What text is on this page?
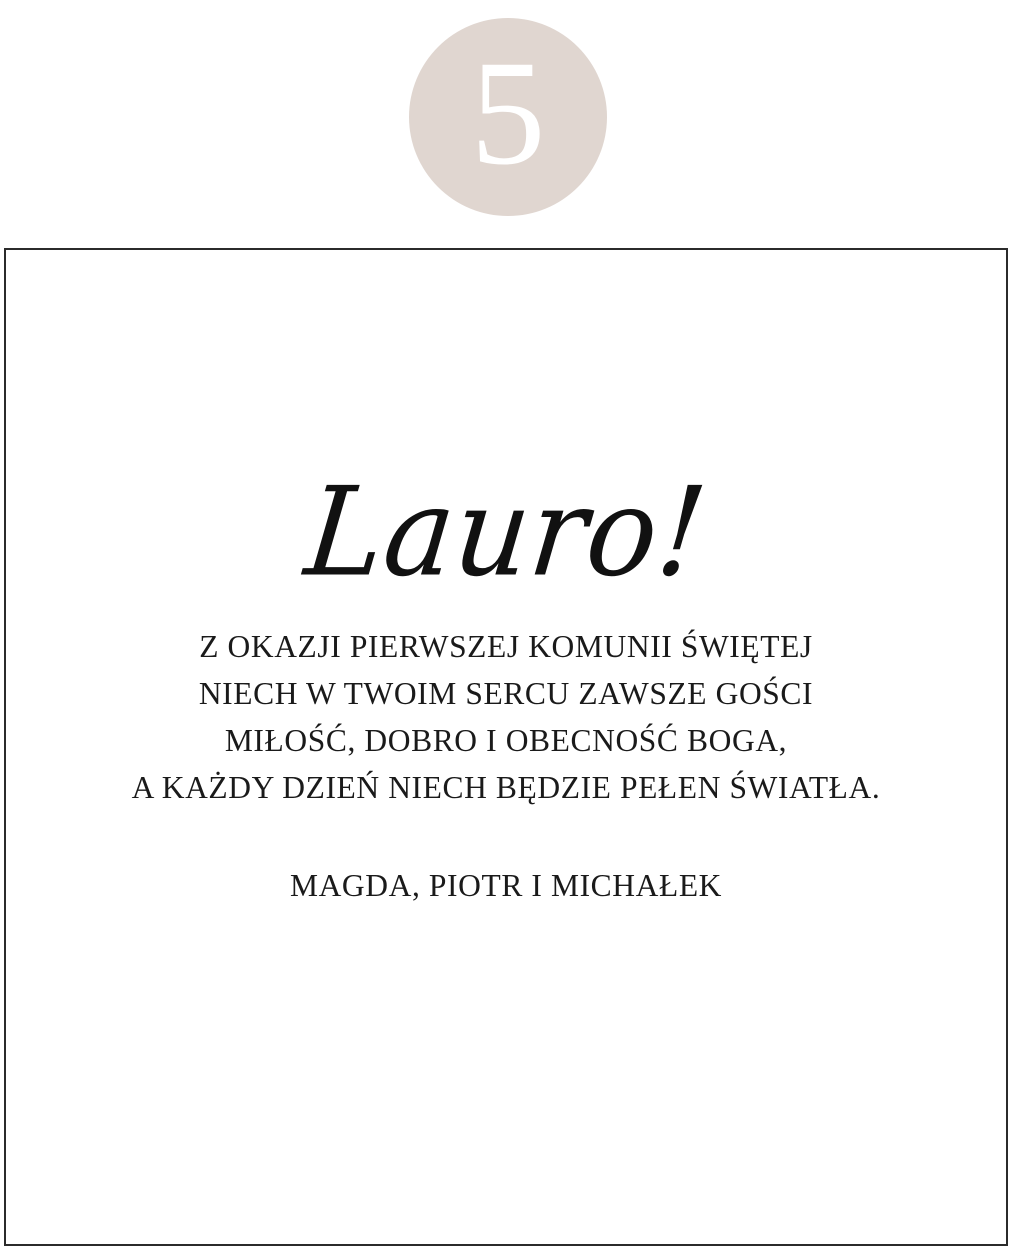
5
Lauro!
Z OKAZJI PIERWSZEJ KOMUNII ŚWIĘTEJ
NIECH W TWOIM SERCU ZAWSZE GOŚCI
MIŁOŚĆ, DOBRO I OBECNOŚĆ BOGA,
A KAŻDY DZIEŃ NIECH BĘDZIE PEŁEN ŚWIATŁA.
MAGDA, PIOTR I MICHAŁEK
